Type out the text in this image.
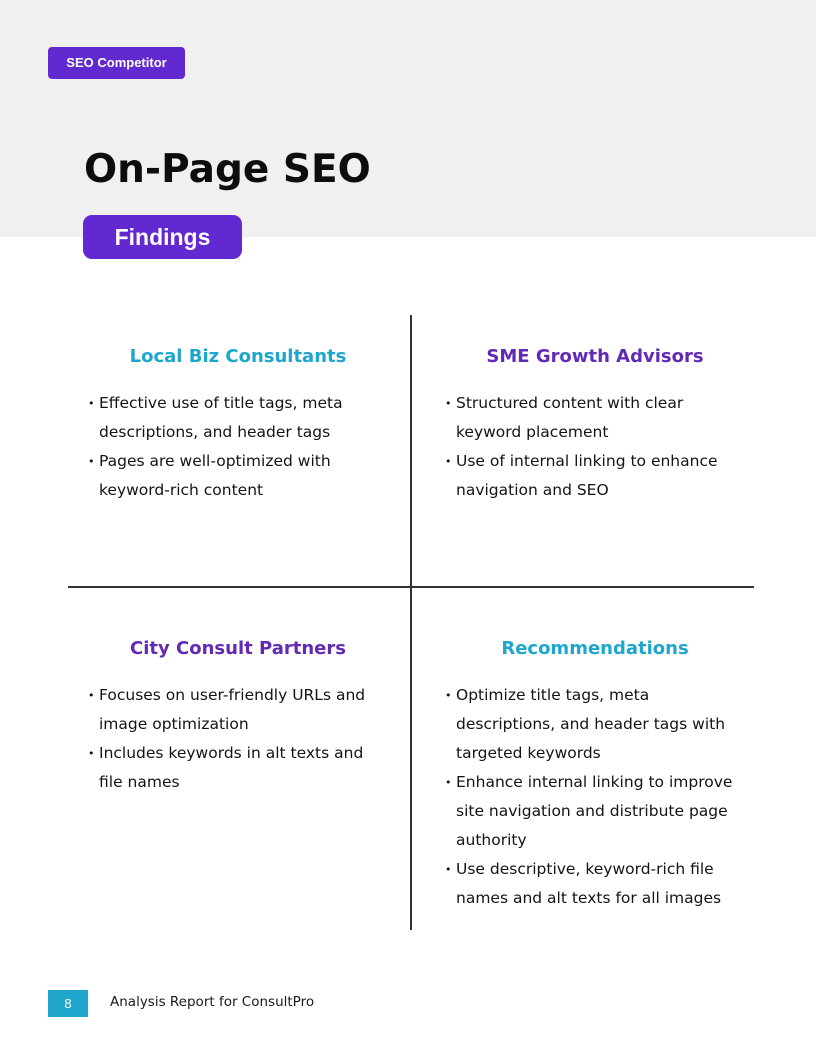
SEO Competitor
On-Page SEO
Findings
Local Biz Consultants
• Effective use of title tags, meta descriptions, and header tags
• Pages are well-optimized with keyword-rich content
SME Growth Advisors
• Structured content with clear keyword placement
• Use of internal linking to enhance navigation and SEO
City Consult Partners
• Focuses on user-friendly URLs and image optimization
• Includes keywords in alt texts and file names
Recommendations
• Optimize title tags, meta descriptions, and header tags with targeted keywords
• Enhance internal linking to improve site navigation and distribute page authority
• Use descriptive, keyword-rich file names and alt texts for all images
8	Analysis Report for ConsultPro
